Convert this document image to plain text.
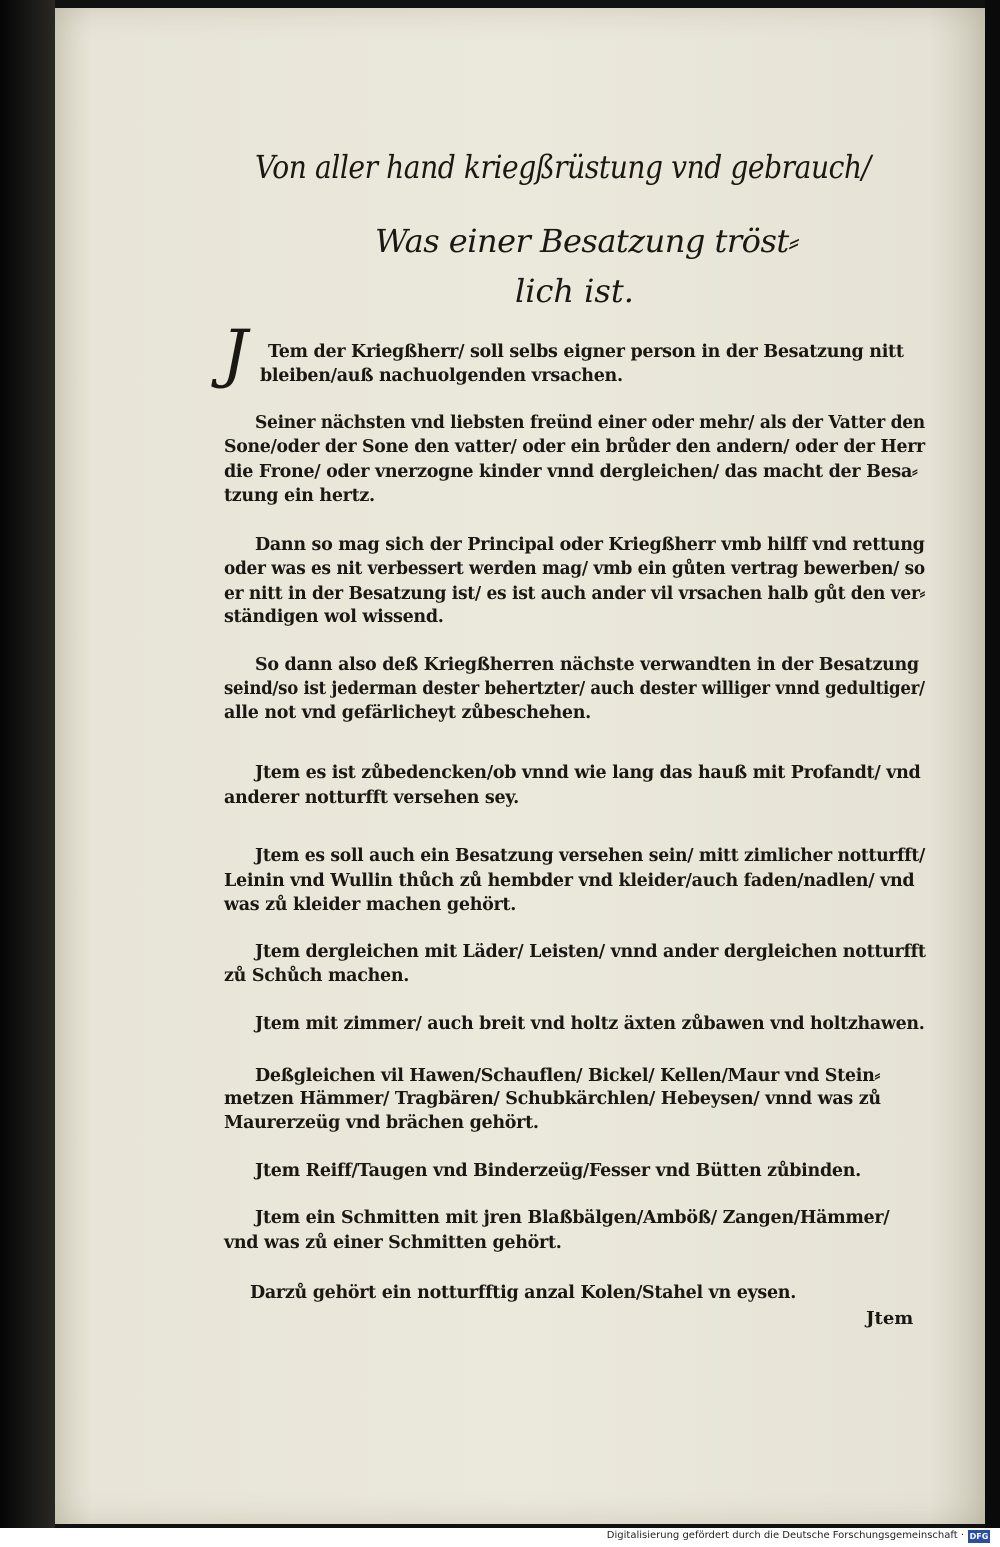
Von aller hand kriegßrüstung vnd gebrauch/
Was einer Besatzung tröst⸗
lich ist.
J Tem der Kriegßherr/ soll selbs eigner person in der Besatzung nitt
bleiben/auß nachuolgenden vrsachen.
Seiner nächsten vnd liebsten freünd einer oder mehr/ als der Vatter den
Sone/oder der Sone den vatter/ oder ein brůder den andern/ oder der Herr
die Frone/ oder vnerzogne kinder vnnd dergleichen/ das macht der Besa⸗
tzung ein hertz.
Dann so mag sich der Principal oder Kriegßherr vmb hilff vnd rettung
oder was es nit verbessert werden mag/ vmb ein gůten vertrag bewerben/ so
er nitt in der Besatzung ist/ es ist auch ander vil vrsachen halb gůt den ver⸗
ständigen wol wissend.
So dann also deß Kriegßherren nächste verwandten in der Besatzung
seind/so ist jederman dester behertzter/ auch dester williger vnnd gedultiger/
alle not vnd gefärlicheyt zůbeschehen.
Jtem es ist zůbedencken/ob vnnd wie lang das hauß mit Profandt/ vnd
anderer notturfft versehen sey.
Jtem es soll auch ein Besatzung versehen sein/ mitt zimlicher notturfft/
Leinin vnd Wullin thůch zů hembder vnd kleider/auch faden/nadlen/ vnd
was zů kleider machen gehört.
Jtem dergleichen mit Läder/ Leisten/ vnnd ander dergleichen notturfft
zů Schůch machen.
Jtem mit zimmer/ auch breit vnd holtz äxten zůbawen vnd holtzhawen.
Deßgleichen vil Hawen/Schauflen/ Bickel/ Kellen/Maur vnd Stein⸗
metzen Hämmer/ Tragbären/ Schubkärchlen/ Hebeysen/ vnnd was zů
Maurerzeüg vnd brächen gehört.
Jtem Reiff/Taugen vnd Binderzeüg/Fesser vnd Bütten zůbinden.
Jtem ein Schmitten mit jren Blaßbälgen/Amböß/ Zangen/Hämmer/
vnd was zů einer Schmitten gehört.
Darzů gehört ein notturfftig anzal Kolen/Stahel vn eysen.
Jtem
Digitalisierung gefördert durch die Deutsche Forschungsgemeinschaft · DFG
